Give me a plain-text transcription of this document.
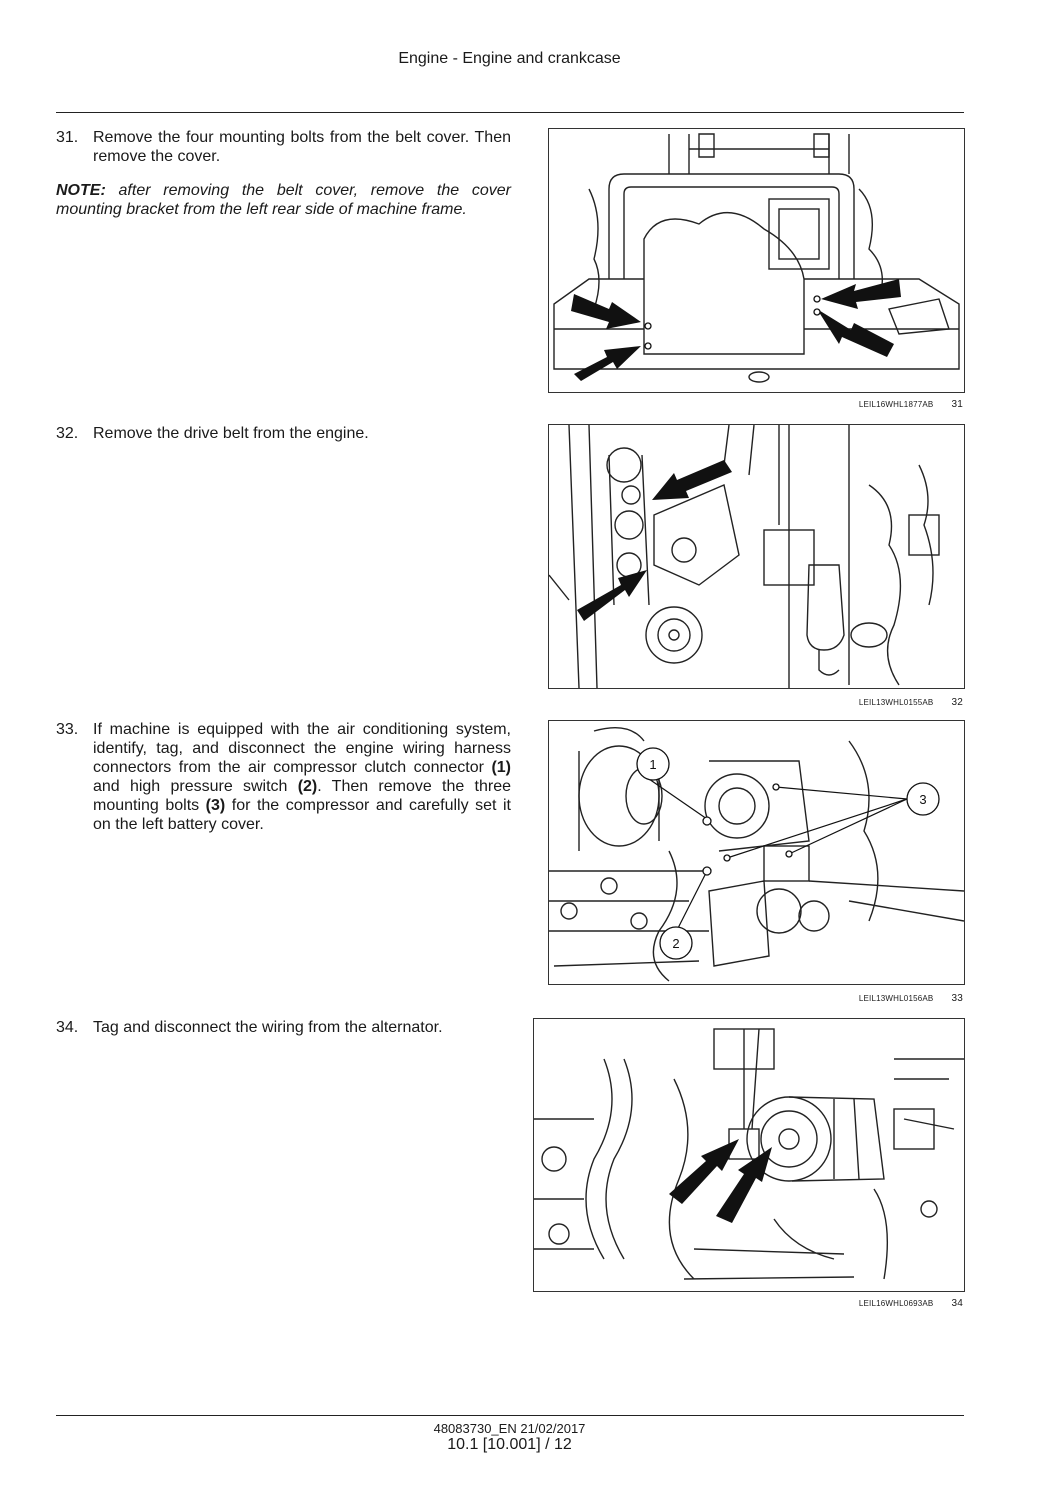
Engine - Engine and crankcase
31. Remove the four mounting bolts from the belt cover. Then remove the cover.
NOTE: after removing the belt cover, remove the cover mounting bracket from the left rear side of machine frame.
LEIL16WHL1877AB 31
32. Remove the drive belt from the engine.
LEIL13WHL0155AB 32
33. If machine is equipped with the air conditioning system, identify, tag, and disconnect the engine wiring harness connectors from the air compressor clutch connector (1) and high pressure switch (2). Then remove the three mounting bolts (3) for the compressor and carefully set it on the left battery cover.
1
2
3
LEIL13WHL0156AB 33
34. Tag and disconnect the wiring from the alternator.
LEIL16WHL0693AB 34
48083730_EN 21/02/2017
10.1 [10.001] / 12
